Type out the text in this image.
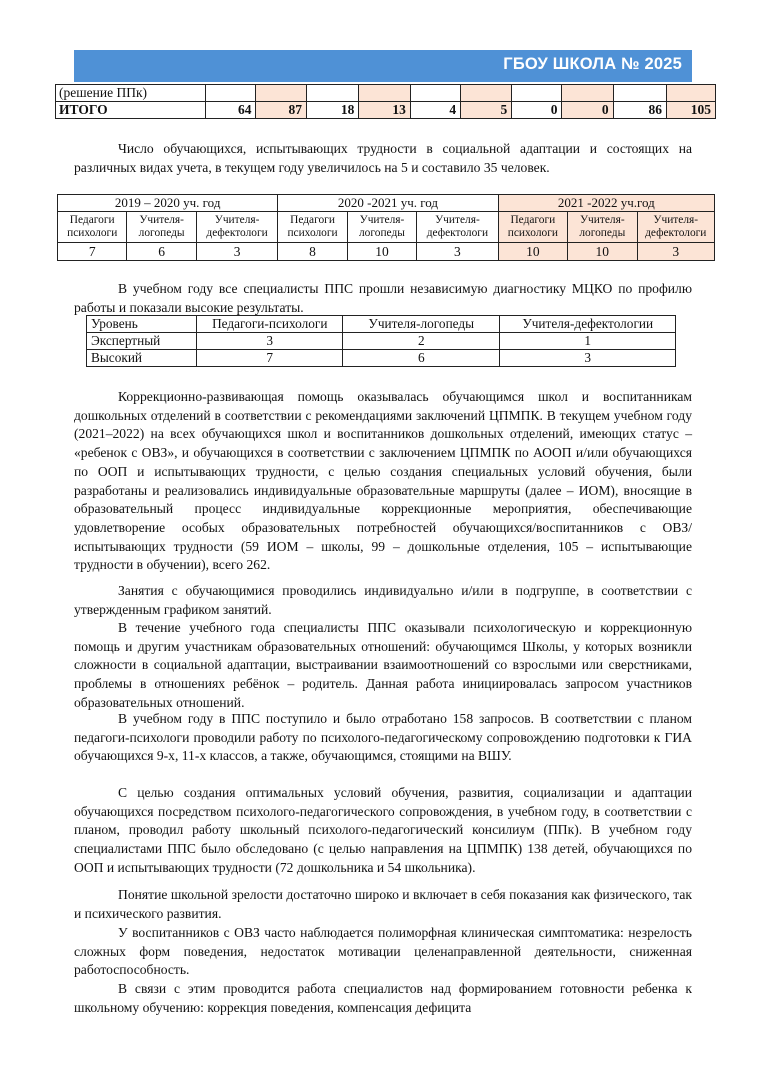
ГБОУ ШКОЛА № 2025
(решение ППк)										
ИТОГО	64	87	18	13	4	5	0	0	86	105

Число обучающихся, испытывающих трудности в социальной адаптации и состоящих на различных видах учета, в текущем году увеличилось на 5 и составило 35 человек.

2019 – 2020 уч. год			2020 -2021 уч. год			2021 -2022 уч.год		
Педагоги психологи	Учителя-логопеды	Учителя-дефектологи	Педагоги психологи	Учителя-логопеды	Учителя-дефектологи	Педагоги психологи	Учителя-логопеды	Учителя-дефектологи
7	6	3	8	10	3	10	10	3

В учебном году все специалисты ППС прошли независимую диагностику МЦКО по профилю работы и показали высокие результаты.

Уровень	Педагоги-психологи	Учителя-логопеды	Учителя-дефектологии
Экспертный	3	2	1
Высокий	7	6	3

Коррекционно-развивающая помощь оказывалась обучающимся школ и воспитанникам дошкольных отделений в соответствии с рекомендациями заключений ЦПМПК. В текущем учебном году (2021–2022) на всех обучающихся школ и воспитанников дошкольных отделений, имеющих статус – «ребенок с ОВЗ», и обучающихся в соответствии с заключением ЦПМПК по АООП и/или обучающихся по ООП и испытывающих трудности, с целью создания специальных условий обучения, были разработаны и реализовались индивидуальные образовательные маршруты (далее – ИОМ), вносящие в образовательный процесс индивидуальные коррекционные мероприятия, обеспечивающие удовлетворение особых образовательных потребностей обучающихся/воспитанников с ОВЗ/испытывающих трудности (59 ИОМ – школы, 99 – дошкольные отделения, 105 – испытывающие трудности в обучении), всего 262.

Занятия с обучающимися проводились индивидуально и/или в подгруппе, в соответствии с утвержденным графиком занятий.

В течение учебного года специалисты ППС оказывали психологическую и коррекционную помощь и другим участникам образовательных отношений: обучающимся Школы, у которых возникли сложности в социальной адаптации, выстраивании взаимоотношений со взрослыми или сверстниками, проблемы в отношениях ребёнок – родитель. Данная работа инициировалась запросом участников образовательных отношений.

В учебном году в ППС поступило и было отработано 158 запросов. В соответствии с планом педагоги-психологи проводили работу по психолого-педагогическому сопровождению подготовки к ГИА обучающихся 9-х, 11-х классов, а также, обучающимся, стоящими на ВШУ.

С целью создания оптимальных условий обучения, развития, социализации и адаптации обучающихся посредством психолого-педагогического сопровождения, в учебном году, в соответствии с планом, проводил работу школьный психолого-педагогический консилиум (ППк). В учебном году специалистами ППС было обследовано (с целью направления на ЦПМПК) 138 детей, обучающихся по ООП и испытывающих трудности (72 дошкольника и 54 школьника).

Понятие школьной зрелости достаточно широко и включает в себя показания как физического, так и психического развития.

У воспитанников с ОВЗ часто наблюдается полиморфная клиническая симптоматика: незрелость сложных форм поведения, недостаток мотивации целенаправленной деятельности, сниженная работоспособность.

В связи с этим проводится работа специалистов над формированием готовности ребенка к школьному обучению: коррекция поведения, компенсация дефицита
